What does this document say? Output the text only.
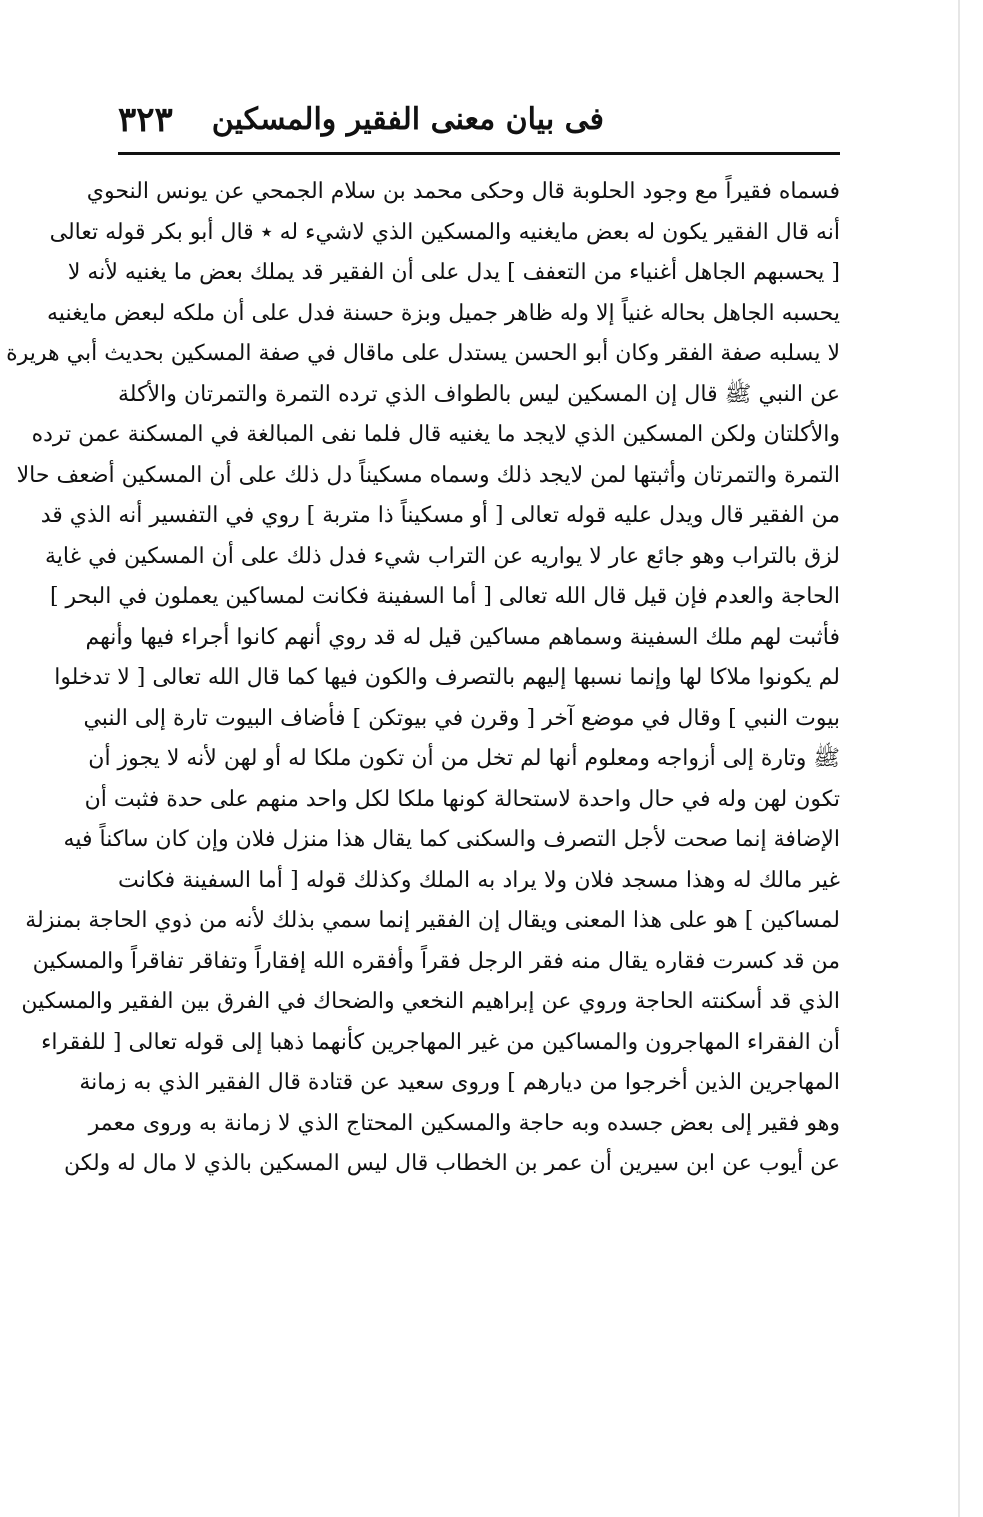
فی بیان معنی الفقیر والمسکین
٣٢٣
فسماه فقيراً مع وجود الحلوبة قال وحكى محمد بن سلام الجمحي عن يونس النحوي
أنه قال الفقير يكون له بعض مايغنيه والمسكين الذي لاشيء له ٭ قال أبو بكر قوله تعالى
[ يحسبهم الجاهل أغنياء من التعفف ] يدل على أن الفقير قد يملك بعض ما يغنيه لأنه لا
يحسبه الجاهل بحاله غنياً إلا وله ظاهر جميل وبزة حسنة فدل على أن ملكه لبعض مايغنيه
لا يسلبه صفة الفقر وكان أبو الحسن يستدل على ماقال في صفة المسكين بحديث أبي هريرة
عن النبي ﷺ قال إن المسكين ليس بالطواف الذي ترده التمرة والتمرتان والأكلة
والأكلتان ولكن المسكين الذي لايجد ما يغنيه قال فلما نفى المبالغة في المسكنة عمن ترده
التمرة والتمرتان وأثبتها لمن لايجد ذلك وسماه مسكيناً دل ذلك على أن المسكين أضعف حالا
من الفقير قال ويدل عليه قوله تعالى [ أو مسكيناً ذا متربة ] روي في التفسير أنه الذي قد
لزق بالتراب وهو جائع عار لا يواريه عن التراب شيء فدل ذلك على أن المسكين في غاية
الحاجة والعدم فإن قيل قال الله تعالى [ أما السفينة فكانت لمساكين يعملون في البحر ]
فأثبت لهم ملك السفينة وسماهم مساكين قيل له قد روي أنهم كانوا أجراء فيها وأنهم
لم يكونوا ملاكا لها وإنما نسبها إليهم بالتصرف والكون فيها كما قال الله تعالى [ لا تدخلوا
بيوت النبي ] وقال في موضع آخر [ وقرن في بيوتكن ] فأضاف البيوت تارة إلى النبي
ﷺ وتارة إلى أزواجه ومعلوم أنها لم تخل من أن تكون ملكا له أو لهن لأنه لا يجوز أن
تكون لهن وله في حال واحدة لاستحالة كونها ملكا لكل واحد منهم على حدة فثبت أن
الإضافة إنما صحت لأجل التصرف والسكنى كما يقال هذا منزل فلان وإن كان ساكناً فيه
غير مالك له وهذا مسجد فلان ولا يراد به الملك وكذلك قوله [ أما السفينة فكانت
لمساكين ] هو على هذا المعنى ويقال إن الفقير إنما سمي بذلك لأنه من ذوي الحاجة بمنزلة
من قد كسرت فقاره يقال منه فقر الرجل فقراً وأفقره الله إفقاراً وتفاقر تفاقراً والمسكين
الذي قد أسكنته الحاجة وروي عن إبراهيم النخعي والضحاك في الفرق بين الفقير والمسكين
أن الفقراء المهاجرون والمساكين من غير المهاجرين كأنهما ذهبا إلى قوله تعالى [ للفقراء
المهاجرين الذين أخرجوا من ديارهم ] وروى سعيد عن قتادة قال الفقير الذي به زمانة
وهو فقير إلى بعض جسده وبه حاجة والمسكين المحتاج الذي لا زمانة به وروى معمر
عن أيوب عن ابن سيرين أن عمر بن الخطاب قال ليس المسكين بالذي لا مال له ولكن
